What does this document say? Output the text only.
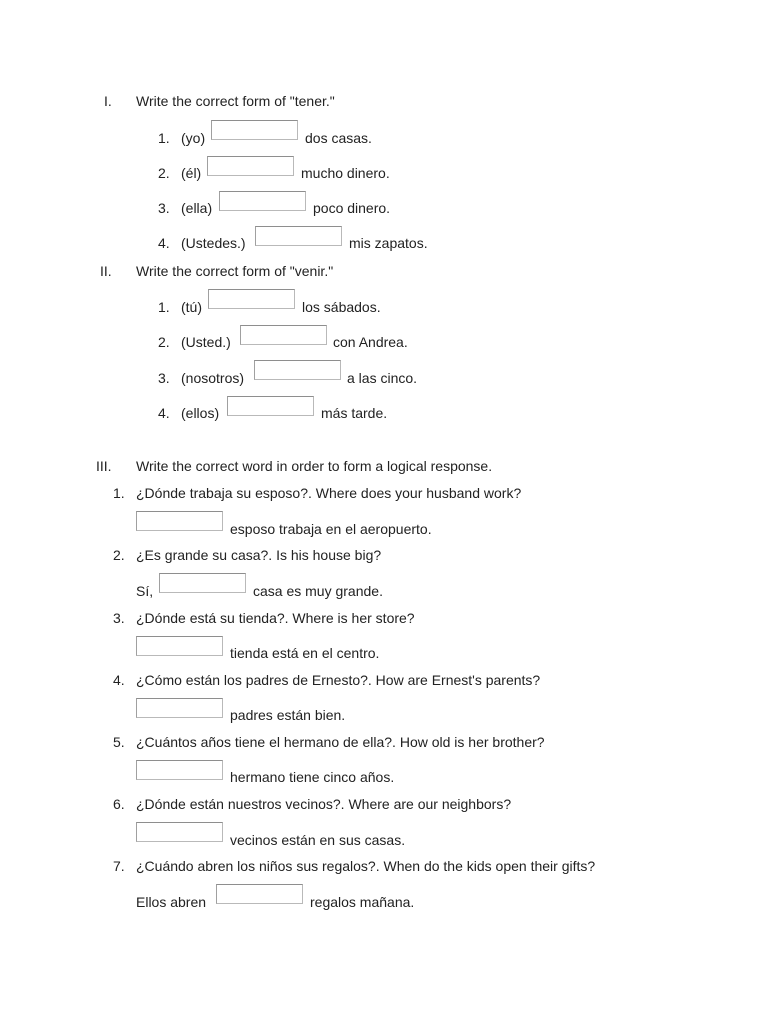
I. Write the correct form of "tener."
1. (yo)	dos casas.
2. (él)	mucho dinero.
3. (ella)	poco dinero.
4. (Ustedes.)	mis zapatos.
II. Write the correct form of "venir."
1. (tú)	los sábados.
2. (Usted.)	con Andrea.
3. (nosotros)	a las cinco.
4. (ellos)	más tarde.
III. Write the correct word in order to form a logical response.
1. ¿Dónde trabaja su esposo?. Where does your husband work?
esposo trabaja en el aeropuerto.
2. ¿Es grande su casa?. Is his house big?
Sí,	casa es muy grande.
3. ¿Dónde está su tienda?. Where is her store?
tienda está en el centro.
4. ¿Cómo están los padres de Ernesto?. How are Ernest's parents?
padres están bien.
5. ¿Cuántos años tiene el hermano de ella?. How old is her brother?
hermano tiene cinco años.
6. ¿Dónde están nuestros vecinos?. Where are our neighbors?
vecinos están en sus casas.
7. ¿Cuándo abren los niños sus regalos?. When do the kids open their gifts?
Ellos abren	regalos mañana.
